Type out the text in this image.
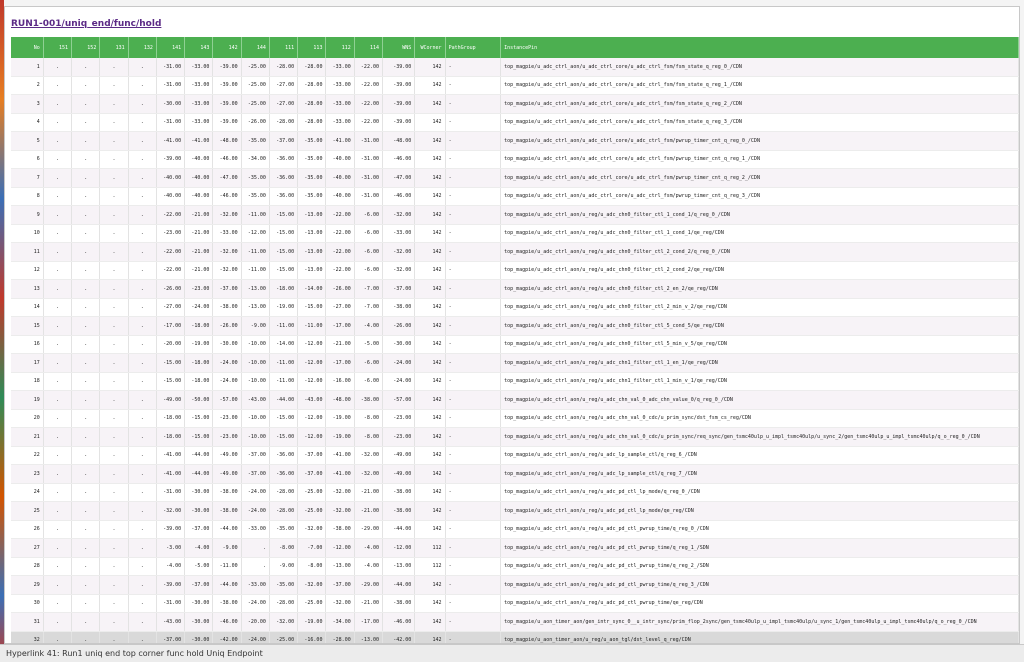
RUN1-001/uniq_end/func/hold
No	151	152	131	132	141	143	142	144	111	113	112	114	WNS	WCorner	PathGroup	InstancePin
1	.	.	.	.	-31.00	-33.00	-39.00	-25.00	-28.00	-28.00	-33.00	-22.00	-39.00	142	-	top_magpie/u_adc_ctrl_aon/u_adc_ctrl_core/u_adc_ctrl_fsm/fsm_state_q_reg_0_/CDN
2	.	.	.	.	-31.00	-33.00	-39.00	-25.00	-27.00	-28.00	-33.00	-22.00	-39.00	142	-	top_magpie/u_adc_ctrl_aon/u_adc_ctrl_core/u_adc_ctrl_fsm/fsm_state_q_reg_1_/CDN
3	.	.	.	.	-30.00	-33.00	-39.00	-25.00	-27.00	-28.00	-33.00	-22.00	-39.00	142	-	top_magpie/u_adc_ctrl_aon/u_adc_ctrl_core/u_adc_ctrl_fsm/fsm_state_q_reg_2_/CDN
4	.	.	.	.	-31.00	-33.00	-39.00	-26.00	-28.00	-28.00	-33.00	-22.00	-39.00	142	-	top_magpie/u_adc_ctrl_aon/u_adc_ctrl_core/u_adc_ctrl_fsm/fsm_state_q_reg_3_/CDN
5	.	.	.	.	-41.00	-41.00	-48.00	-35.00	-37.00	-35.00	-41.00	-31.00	-48.00	142	-	top_magpie/u_adc_ctrl_aon/u_adc_ctrl_core/u_adc_ctrl_fsm/pwrup_timer_cnt_q_reg_0_/CDN
6	.	.	.	.	-39.00	-40.00	-46.00	-34.00	-36.00	-35.00	-40.00	-31.00	-46.00	142	-	top_magpie/u_adc_ctrl_aon/u_adc_ctrl_core/u_adc_ctrl_fsm/pwrup_timer_cnt_q_reg_1_/CDN
7	.	.	.	.	-40.00	-40.00	-47.00	-35.00	-36.00	-35.00	-40.00	-31.00	-47.00	142	-	top_magpie/u_adc_ctrl_aon/u_adc_ctrl_core/u_adc_ctrl_fsm/pwrup_timer_cnt_q_reg_2_/CDN
8	.	.	.	.	-40.00	-40.00	-46.00	-35.00	-36.00	-35.00	-40.00	-31.00	-46.00	142	-	top_magpie/u_adc_ctrl_aon/u_adc_ctrl_core/u_adc_ctrl_fsm/pwrup_timer_cnt_q_reg_3_/CDN
9	.	.	.	.	-22.00	-21.00	-32.00	-11.00	-15.00	-13.00	-22.00	-6.00	-32.00	142	-	top_magpie/u_adc_ctrl_aon/u_reg/u_adc_chn0_filter_ctl_1_cond_1/q_reg_0_/CDN
10	.	.	.	.	-23.00	-21.00	-33.00	-12.00	-15.00	-13.00	-22.00	-6.00	-33.00	142	-	top_magpie/u_adc_ctrl_aon/u_reg/u_adc_chn0_filter_ctl_1_cond_1/qe_reg/CDN
11	.	.	.	.	-22.00	-21.00	-32.00	-11.00	-15.00	-13.00	-22.00	-6.00	-32.00	142	-	top_magpie/u_adc_ctrl_aon/u_reg/u_adc_chn0_filter_ctl_2_cond_2/q_reg_0_/CDN
12	.	.	.	.	-22.00	-21.00	-32.00	-11.00	-15.00	-13.00	-22.00	-6.00	-32.00	142	-	top_magpie/u_adc_ctrl_aon/u_reg/u_adc_chn0_filter_ctl_2_cond_2/qe_reg/CDN
13	.	.	.	.	-26.00	-23.00	-37.00	-13.00	-18.00	-14.00	-26.00	-7.00	-37.00	142	-	top_magpie/u_adc_ctrl_aon/u_reg/u_adc_chn0_filter_ctl_2_en_2/qe_reg/CDN
14	.	.	.	.	-27.00	-24.00	-38.00	-13.00	-19.00	-15.00	-27.00	-7.00	-38.00	142	-	top_magpie/u_adc_ctrl_aon/u_reg/u_adc_chn0_filter_ctl_2_min_v_2/qe_reg/CDN
15	.	.	.	.	-17.00	-18.00	-26.00	-9.00	-11.00	-11.00	-17.00	-4.00	-26.00	142	-	top_magpie/u_adc_ctrl_aon/u_reg/u_adc_chn0_filter_ctl_5_cond_5/qe_reg/CDN
16	.	.	.	.	-20.00	-19.00	-30.00	-10.00	-14.00	-12.00	-21.00	-5.00	-30.00	142	-	top_magpie/u_adc_ctrl_aon/u_reg/u_adc_chn0_filter_ctl_5_min_v_5/qe_reg/CDN
17	.	.	.	.	-15.00	-18.00	-24.00	-10.00	-11.00	-12.00	-17.00	-6.00	-24.00	142	-	top_magpie/u_adc_ctrl_aon/u_reg/u_adc_chn1_filter_ctl_1_en_1/qe_reg/CDN
18	.	.	.	.	-15.00	-18.00	-24.00	-10.00	-11.00	-12.00	-16.00	-6.00	-24.00	142	-	top_magpie/u_adc_ctrl_aon/u_reg/u_adc_chn1_filter_ctl_1_min_v_1/qe_reg/CDN
19	.	.	.	.	-49.00	-50.00	-57.00	-43.00	-44.00	-43.00	-48.00	-38.00	-57.00	142	-	top_magpie/u_adc_ctrl_aon/u_reg/u_adc_chn_val_0_adc_chn_value_0/q_reg_0_/CDN
20	.	.	.	.	-18.00	-15.00	-23.00	-10.00	-15.00	-12.00	-19.00	-8.00	-23.00	142	-	top_magpie/u_adc_ctrl_aon/u_reg/u_adc_chn_val_0_cdc/u_prim_sync/dst_fsm_cs_reg/CDN
21	.	.	.	.	-18.00	-15.00	-23.00	-10.00	-15.00	-12.00	-19.00	-8.00	-23.00	142	-	top_magpie/u_adc_ctrl_aon/u_reg/u_adc_chn_val_0_cdc/u_prim_sync/req_sync/gen_tsmc40ulp_u_impl_tsmc40ulp/u_sync_2/gen_tsmc40ulp_u_impl_tsmc40ulp/q_o_reg_0_/CDN
22	.	.	.	.	-41.00	-44.00	-49.00	-37.00	-36.00	-37.00	-41.00	-32.00	-49.00	142	-	top_magpie/u_adc_ctrl_aon/u_reg/u_adc_lp_sample_ctl/q_reg_6_/CDN
23	.	.	.	.	-41.00	-44.00	-49.00	-37.00	-36.00	-37.00	-41.00	-32.00	-49.00	142	-	top_magpie/u_adc_ctrl_aon/u_reg/u_adc_lp_sample_ctl/q_reg_7_/CDN
24	.	.	.	.	-31.00	-30.00	-38.00	-24.00	-28.00	-25.00	-32.00	-21.00	-38.00	142	-	top_magpie/u_adc_ctrl_aon/u_reg/u_adc_pd_ctl_lp_mode/q_reg_0_/CDN
25	.	.	.	.	-32.00	-30.00	-38.00	-24.00	-28.00	-25.00	-32.00	-21.00	-38.00	142	-	top_magpie/u_adc_ctrl_aon/u_reg/u_adc_pd_ctl_lp_mode/qe_reg/CDN
26	.	.	.	.	-39.00	-37.00	-44.00	-33.00	-35.00	-32.00	-38.00	-29.00	-44.00	142	-	top_magpie/u_adc_ctrl_aon/u_reg/u_adc_pd_ctl_pwrup_time/q_reg_0_/CDN
27	.	.	.	.	-3.00	-4.00	-9.00	.	-8.00	-7.00	-12.00	-4.00	-12.00	112	-	top_magpie/u_adc_ctrl_aon/u_reg/u_adc_pd_ctl_pwrup_time/q_reg_1_/SDN
28	.	.	.	.	-4.00	-5.00	-11.00	.	-9.00	-8.00	-13.00	-4.00	-13.00	112	-	top_magpie/u_adc_ctrl_aon/u_reg/u_adc_pd_ctl_pwrup_time/q_reg_2_/SDN
29	.	.	.	.	-39.00	-37.00	-44.00	-33.00	-35.00	-32.00	-37.00	-29.00	-44.00	142	-	top_magpie/u_adc_ctrl_aon/u_reg/u_adc_pd_ctl_pwrup_time/q_reg_3_/CDN
30	.	.	.	.	-31.00	-30.00	-38.00	-24.00	-28.00	-25.00	-32.00	-21.00	-38.00	142	-	top_magpie/u_adc_ctrl_aon/u_reg/u_adc_pd_ctl_pwrup_time/qe_reg/CDN
31	.	.	.	.	-43.00	-30.00	-46.00	-20.00	-32.00	-19.00	-34.00	-17.00	-46.00	142	-	top_magpie/u_aon_timer_aon/gen_intr_sync_0__u_intr_sync/prim_flop_2sync/gen_tsmc40ulp_u_impl_tsmc40ulp/u_sync_1/gen_tsmc40ulp_u_impl_tsmc40ulp/q_o_reg_0_/CDN
32	.	.	.	.	-37.00	-30.00	-42.00	-24.00	-25.00	-16.00	-28.00	-13.00	-42.00	142	-	top_magpie/u_aon_timer_aon/u_reg/u_aon_tgl/dst_level_q_reg/CDN
Hyperlink 41: Run1 uniq end top corner func hold Uniq Endpoint
